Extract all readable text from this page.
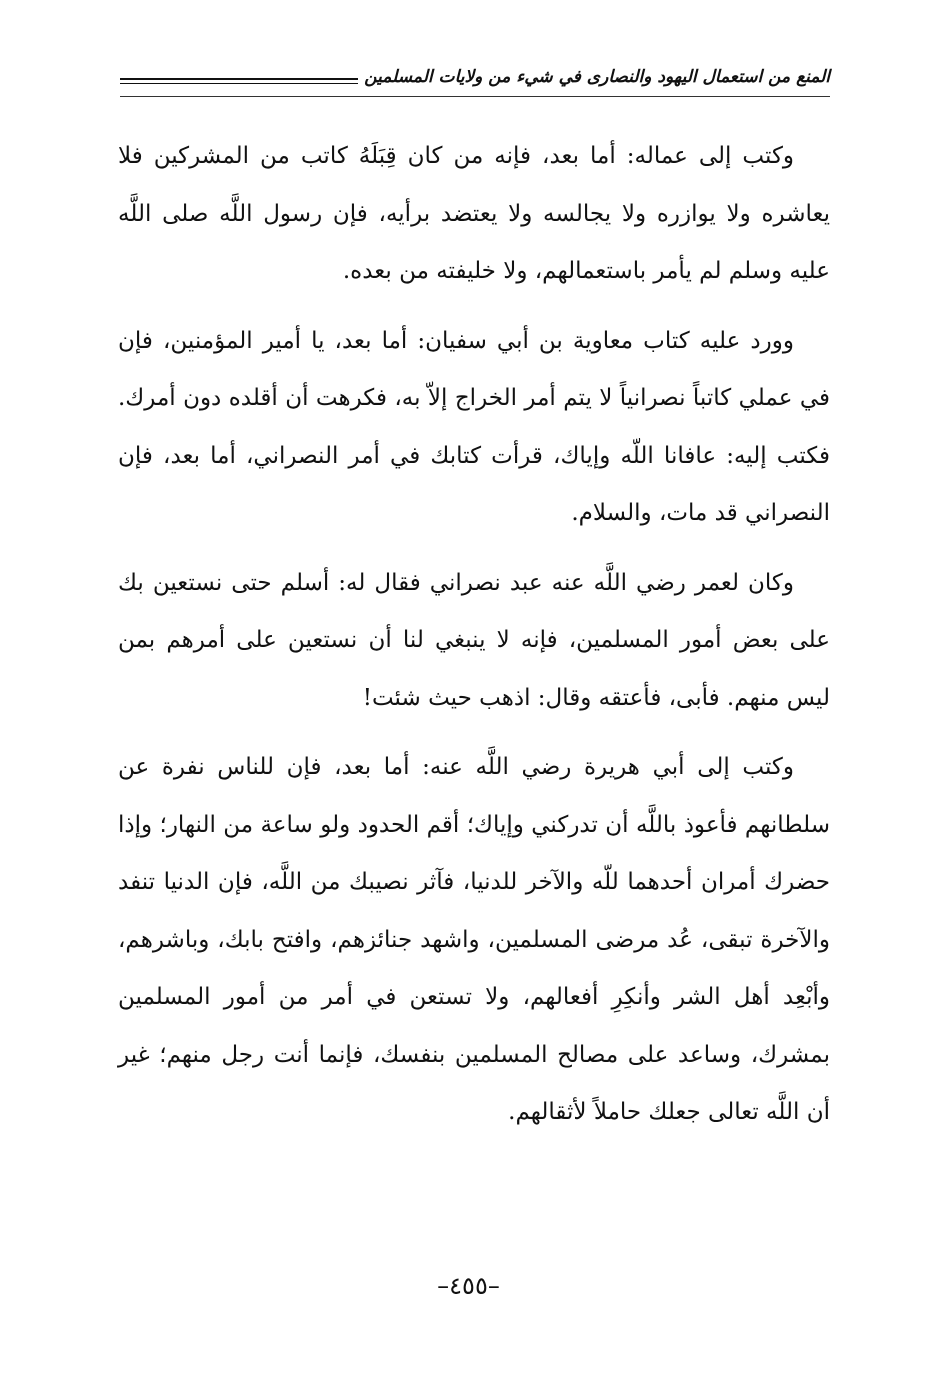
المنع من استعمال اليهود والنصارى في شيء من ولايات المسلمين

وكتب إلى عماله: أما بعد، فإنه من كان قِبَلَهُ كاتب من المشركين فلا يعاشره ولا يوازره ولا يجالسه ولا يعتضد برأيه، فإن رسول اللَّه صلى اللَّه عليه وسلم لم يأمر باستعمالهم، ولا خليفته من بعده.

وورد عليه كتاب معاوية بن أبي سفيان: أما بعد، يا أمير المؤمنين، فإن في عملي كاتباً نصرانياً لا يتم أمر الخراج إلاّ به، فكرهت أن أقلده دون أمرك. فكتب إليه: عافانا اللّه وإياك، قرأت كتابك في أمر النصراني، أما بعد، فإن النصراني قد مات، والسلام.

وكان لعمر رضي اللَّه عنه عبد نصراني فقال له: أسلم حتى نستعين بك على بعض أمور المسلمين، فإنه لا ينبغي لنا أن نستعين على أمرهم بمن ليس منهم. فأبى، فأعتقه وقال: اذهب حيث شئت!

وكتب إلى أبي هريرة رضي اللَّه عنه: أما بعد، فإن للناس نفرة عن سلطانهم فأعوذ باللَّه أن تدركني وإياك؛ أقم الحدود ولو ساعة من النهار؛ وإذا حضرك أمران أحدهما للّه والآخر للدنيا، فآثر نصيبك من اللَّه، فإن الدنيا تنفد والآخرة تبقى، عُد مرضى المسلمين، واشهد جنائزهم، وافتح بابك، وباشرهم، وأبْعِد أهل الشر وأنكِرِ أفعالهم، ولا تستعن في أمر من أمور المسلمين بمشرك، وساعد على مصالح المسلمين بنفسك، فإنما أنت رجل منهم؛ غير أن اللَّه تعالى جعلك حاملاً لأثقالهم.

–٤٥٥–
